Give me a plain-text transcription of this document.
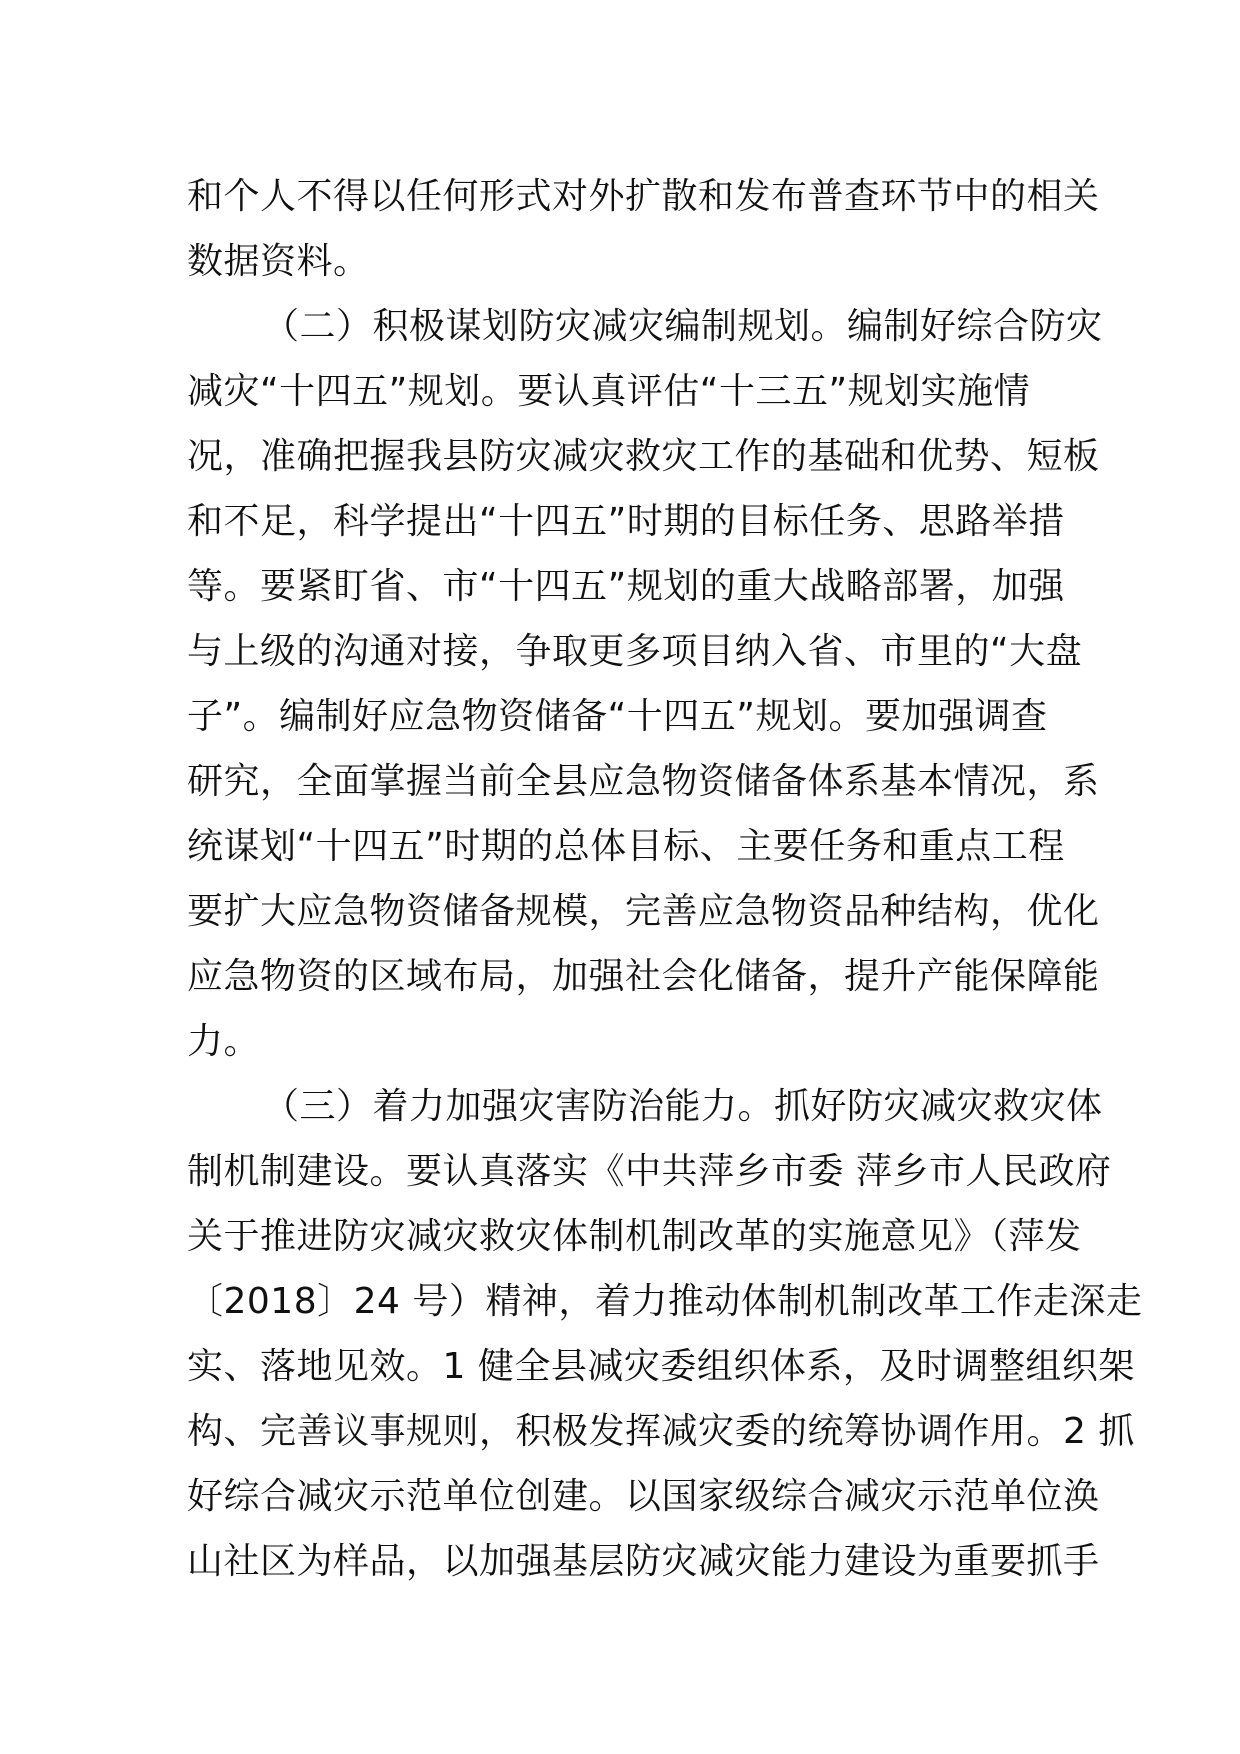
和个人不得以任何形式对外扩散和发布普查环节中的相关
数据资料。
（二）积极谋划防灾减灾编制规划。编制好综合防灾
减灾“十四五”规划。要认真评估“十三五”规划实施情
况，准确把握我县防灾减灾救灾工作的基础和优势、短板
和不足，科学提出“十四五”时期的目标任务、思路举措
等。要紧盯省、市“十四五”规划的重大战略部署，加强
与上级的沟通对接，争取更多项目纳入省、市里的“大盘
子”。编制好应急物资储备“十四五”规划。要加强调查
研究，全面掌握当前全县应急物资储备体系基本情况，系
统谋划“十四五”时期的总体目标、主要任务和重点工程
要扩大应急物资储备规模，完善应急物资品种结构，优化
应急物资的区域布局，加强社会化储备，提升产能保障能
力。
（三）着力加强灾害防治能力。抓好防灾减灾救灾体
制机制建设。要认真落实《中共萍乡市委 萍乡市人民政府
关于推进防灾减灾救灾体制机制改革的实施意见》（萍发
〔2018〕24 号）精神，着力推动体制机制改革工作走深走
实、落地见效。1 健全县减灾委组织体系，及时调整组织架
构、完善议事规则，积极发挥减灾委的统筹协调作用。2 抓
好综合减灾示范单位创建。以国家级综合减灾示范单位涣
山社区为样品，以加强基层防灾减灾能力建设为重要抓手
